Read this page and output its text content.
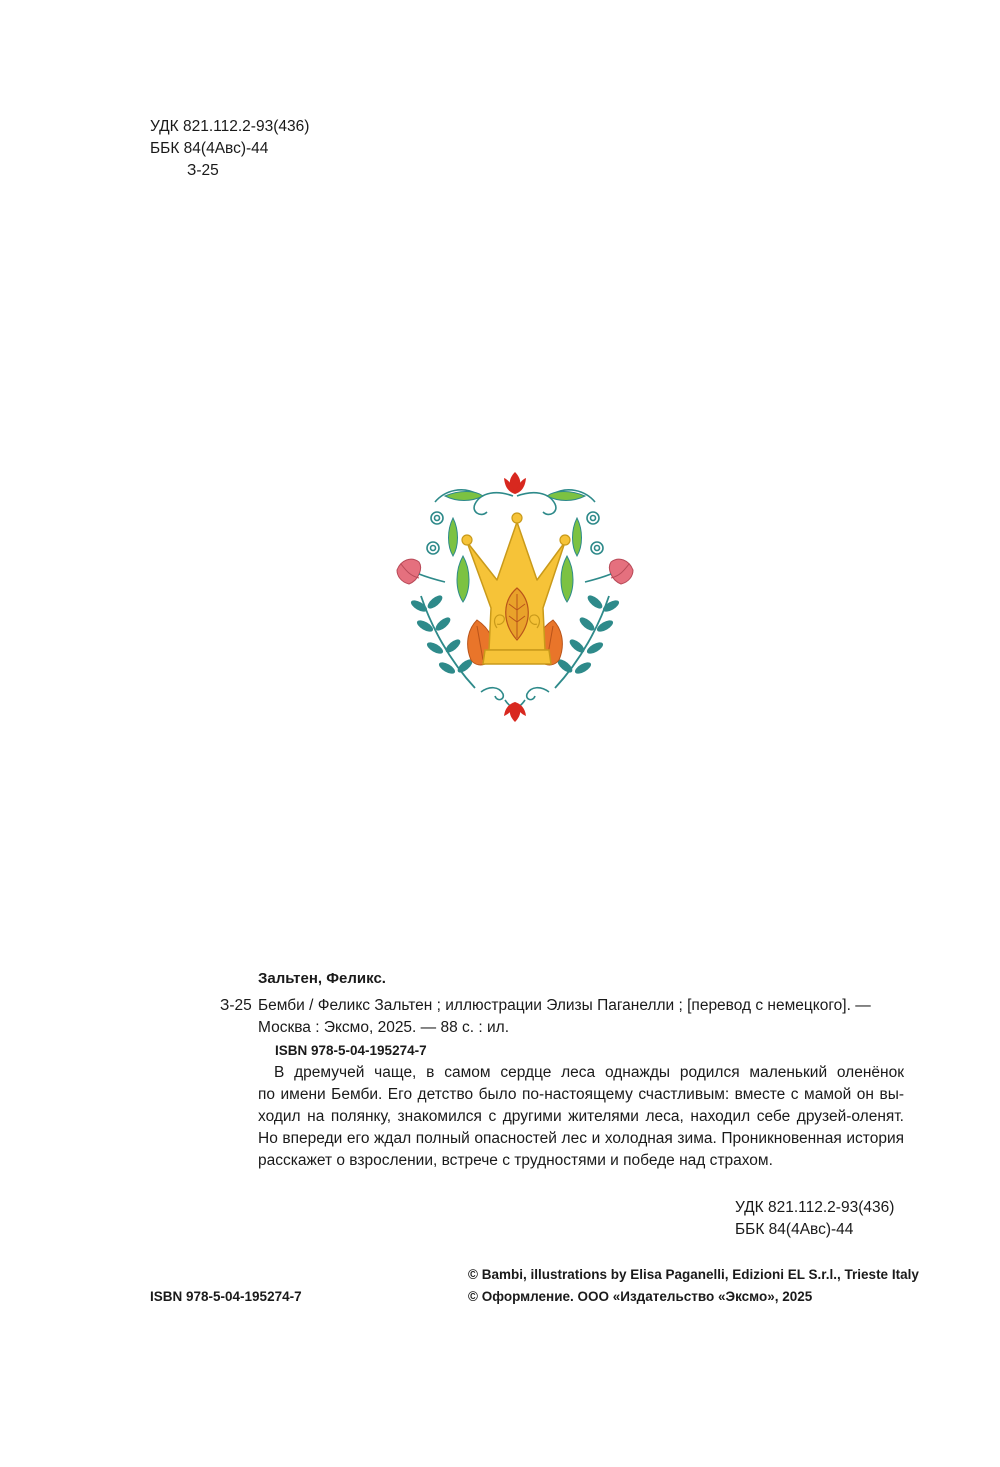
УДК 821.112.2-93(436)
ББК 84(4Авс)-44
З-25
Зальтен, Феликс.
З-25 Бемби / Феликс Зальтен ; иллюстрации Элизы Паганелли ; [перевод с немецкого]. —
Москва : Эксмо, 2025. — 88 с. : ил.
ISBN 978-5-04-195274-7
В дремучей чаще, в самом сердце леса однажды родился маленький оленёнок
по имени Бемби. Его детство было по-настоящему счастливым: вместе с мамой он вы-
ходил на полянку, знакомился с другими жителями леса, находил себе друзей-оленят.
Но впереди его ждал полный опасностей лес и холодная зима. Проникновенная история
расскажет о взрослении, встрече с трудностями и победе над страхом.
УДК 821.112.2-93(436)
ББК 84(4Авс)-44
ISBN 978-5-04-195274-7
© Bambi, illustrations by Elisa Paganelli, Edizioni EL S.r.l., Trieste Italy
© Оформление. ООО «Издательство «Эксмо», 2025
